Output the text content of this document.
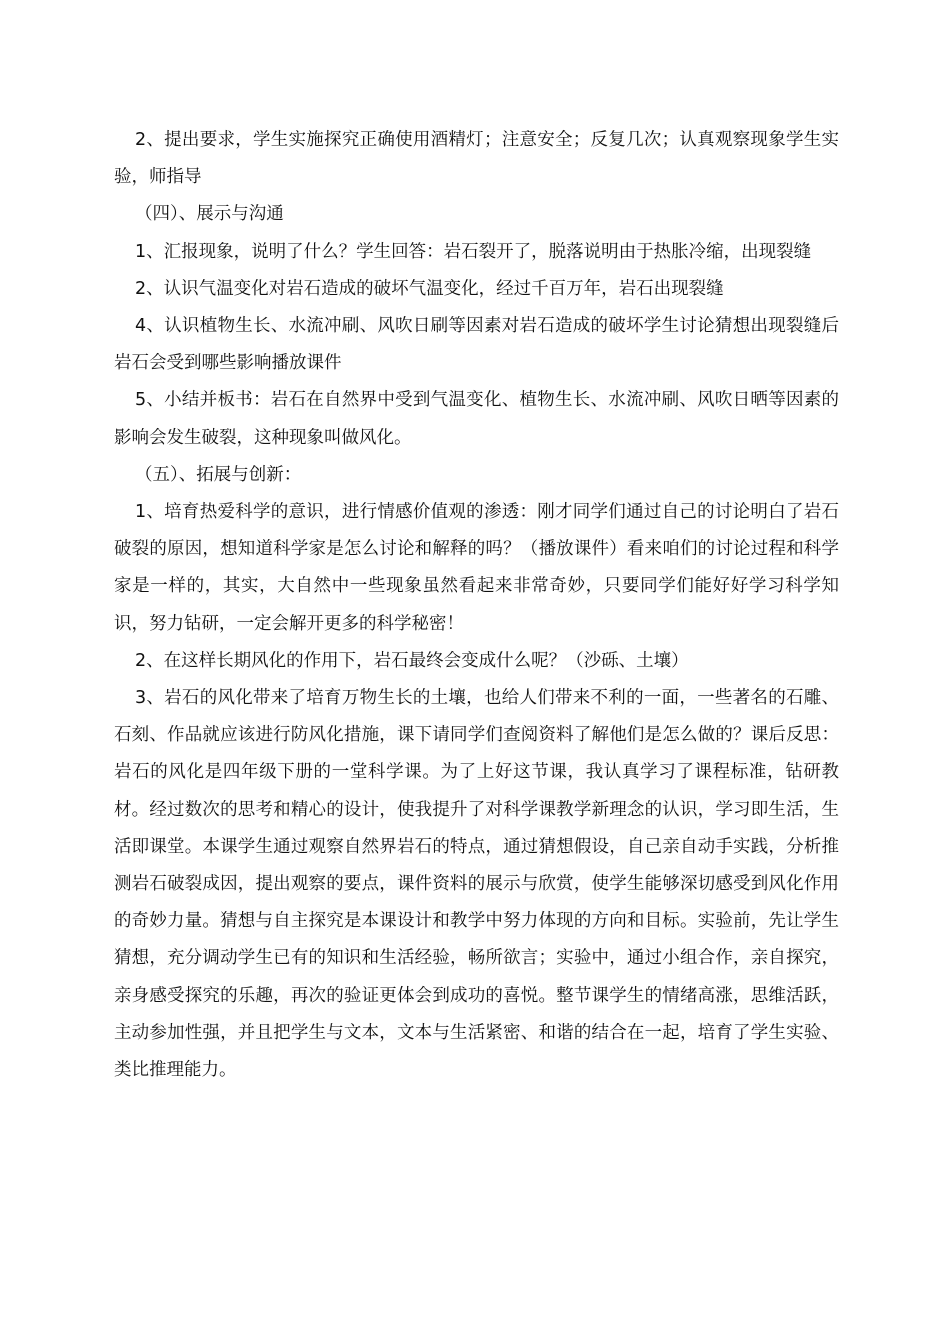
2、提出要求，学生实施探究正确使用酒精灯；注意安全；反复几次；认真观察现象学生实验，师指导

（四）、展示与沟通

1、汇报现象，说明了什么？学生回答：岩石裂开了，脱落说明由于热胀冷缩，出现裂缝

2、认识气温变化对岩石造成的破坏气温变化，经过千百万年，岩石出现裂缝

4、认识植物生长、水流冲刷、风吹日刷等因素对岩石造成的破坏学生讨论猜想出现裂缝后岩石会受到哪些影响播放课件

5、小结并板书：岩石在自然界中受到气温变化、植物生长、水流冲刷、风吹日晒等因素的影响会发生破裂，这种现象叫做风化。

（五）、拓展与创新：

1、培育热爱科学的意识，进行情感价值观的渗透：刚才同学们通过自己的讨论明白了岩石破裂的原因，想知道科学家是怎么讨论和解释的吗？（播放课件）看来咱们的讨论过程和科学家是一样的，其实，大自然中一些现象虽然看起来非常奇妙，只要同学们能好好学习科学知识，努力钻研，一定会解开更多的科学秘密！

2、在这样长期风化的作用下，岩石最终会变成什么呢？（沙砾、土壤）

3、岩石的风化带来了培育万物生长的土壤，也给人们带来不利的一面，一些著名的石雕、石刻、作品就应该进行防风化措施，课下请同学们查阅资料了解他们是怎么做的？课后反思：岩石的风化是四年级下册的一堂科学课。为了上好这节课，我认真学习了课程标准，钻研教材。经过数次的思考和精心的设计，使我提升了对科学课教学新理念的认识，学习即生活，生活即课堂。本课学生通过观察自然界岩石的特点，通过猜想假设，自己亲自动手实践，分析推测岩石破裂成因，提出观察的要点，课件资料的展示与欣赏，使学生能够深切感受到风化作用的奇妙力量。猜想与自主探究是本课设计和教学中努力体现的方向和目标。实验前，先让学生猜想，充分调动学生已有的知识和生活经验，畅所欲言；实验中，通过小组合作，亲自探究，亲身感受探究的乐趣，再次的验证更体会到成功的喜悦。整节课学生的情绪高涨，思维活跃，主动参加性强，并且把学生与文本，文本与生活紧密、和谐的结合在一起，培育了学生实验、类比推理能力。
